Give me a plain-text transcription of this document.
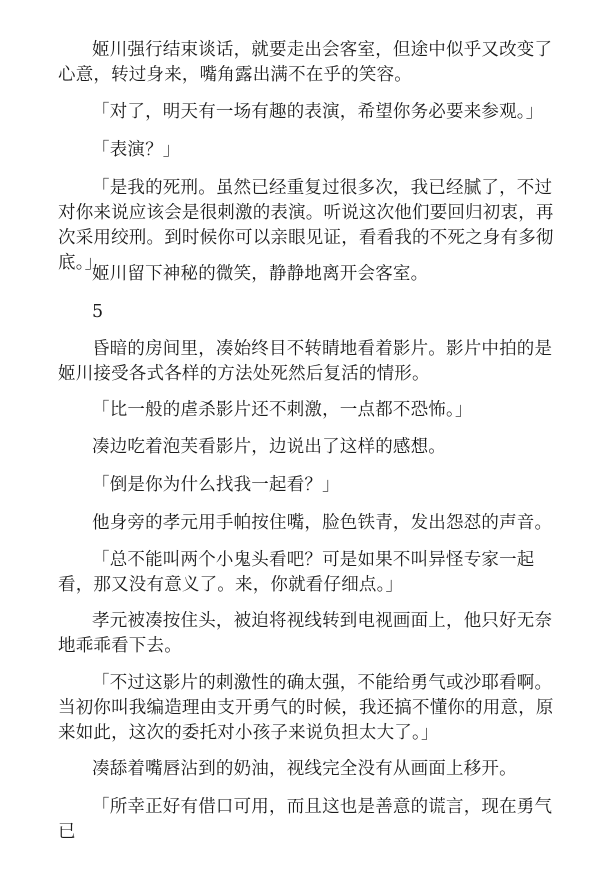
姬川强行结束谈话，就要走出会客室，但途中似乎又改变了心意，转过身来，嘴角露出满不在乎的笑容。

「对了，明天有一场有趣的表演，希望你务必要来参观。」

「表演？」

「是我的死刑。虽然已经重复过很多次，我已经腻了，不过对你来说应该会是很刺激的表演。听说这次他们要回归初衷，再次采用绞刑。到时候你可以亲眼见证，看看我的不死之身有多彻底。」

姬川留下神秘的微笑，静静地离开会客室。

5

昏暗的房间里，凑始终目不转睛地看着影片。影片中拍的是姬川接受各式各样的方法处死然后复活的情形。

「比一般的虐杀影片还不刺激，一点都不恐怖。」

凑边吃着泡芙看影片，边说出了这样的感想。

「倒是你为什么找我一起看？」

他身旁的孝元用手帕按住嘴，脸色铁青，发出怨怼的声音。

「总不能叫两个小鬼头看吧？可是如果不叫异怪专家一起看，那又没有意义了。来，你就看仔细点。」

孝元被凑按住头，被迫将视线转到电视画面上，他只好无奈地乖乖看下去。

「不过这影片的刺激性的确太强，不能给勇气或沙耶看啊。当初你叫我编造理由支开勇气的时候，我还搞不懂你的用意，原来如此，这次的委托对小孩子来说负担太大了。」

凑舔着嘴唇沾到的奶油，视线完全没有从画面上移开。

「所幸正好有借口可用，而且这也是善意的谎言，现在勇气已
